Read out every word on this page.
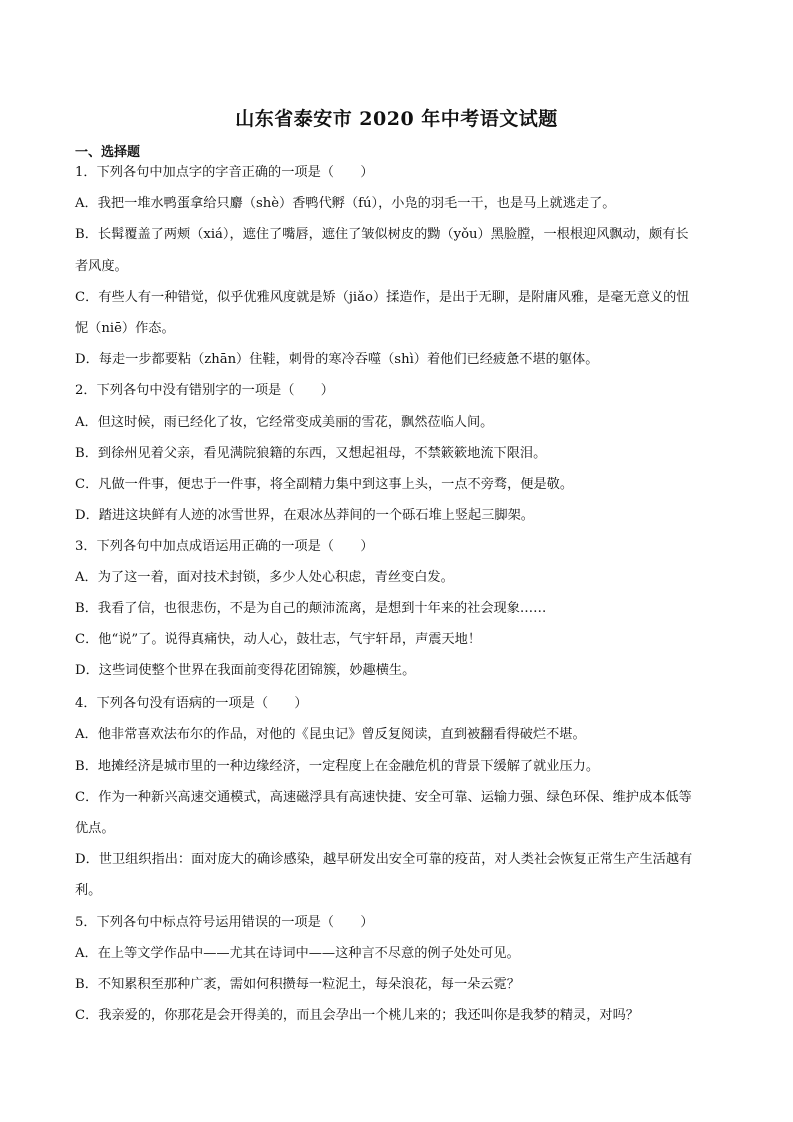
山东省泰安市 2020 年中考语文试题
一、选择题
1．下列各句中加点字的字音正确的一项是（　　）
A．我把一堆水鸭蛋拿给只麝（shè）香鸭代孵（fú），小凫的羽毛一干，也是马上就逃走了。
B．长髯覆盖了两颊（xiá），遮住了嘴唇，遮住了皱似树皮的黝（yǒu）黑脸膛，一根根迎风飘动，颇有长
者风度。
C．有些人有一种错觉，似乎优雅风度就是矫（jiǎo）揉造作，是出于无聊，是附庸风雅，是毫无意义的忸
怩（niē）作态。
D．每走一步都要粘（zhān）住鞋，刺骨的寒冷吞噬（shì）着他们已经疲惫不堪的躯体。
2．下列各句中没有错别字的一项是（　　）
A．但这时候，雨已经化了妆，它经常变成美丽的雪花，飘然莅临人间。
B．到徐州见着父亲，看见满院狼籍的东西，又想起祖母，不禁簌簌地流下限泪。
C．凡做一件事，便忠于一件事，将全副精力集中到这事上头，一点不旁骛，便是敬。
D．踏进这块鲜有人迹的冰雪世界，在艰冰丛莽间的一个砾石堆上竖起三脚架。
3．下列各句中加点成语运用正确的一项是（　　）
A．为了这一着，面对技术封锁，多少人处心积虑，青丝变白发。
B．我看了信，也很悲伤，不是为自己的颠沛流离，是想到十年来的社会现象……
C．他“说”了。说得真痛快，动人心，鼓壮志，气宇轩昂，声震天地！
D．这些词使整个世界在我面前变得花团锦簇，妙趣横生。
4．下列各句没有语病的一项是（　　）
A．他非常喜欢法布尔的作品，对他的《昆虫记》曾反复阅读，直到被翻看得破烂不堪。
B．地摊经济是城市里的一种边缘经济，一定程度上在金融危机的背景下缓解了就业压力。
C．作为一种新兴高速交通模式，高速磁浮具有高速快捷、安全可靠、运输力强、绿色环保、维护成本低等
优点。
D．世卫组织指出：面对庞大的确诊感染，越早研发出安全可靠的疫苗，对人类社会恢复正常生产生活越有
利。
5．下列各句中标点符号运用错误的一项是（　　）
A．在上等文学作品中——尤其在诗词中——这种言不尽意的例子处处可见。
B．不知累积至那种广袤，需如何积攒每一粒泥土，每朵浪花，每一朵云霓？
C．我亲爱的，你那花是会开得美的，而且会孕出一个桃儿来的；我还叫你是我梦的精灵，对吗？
